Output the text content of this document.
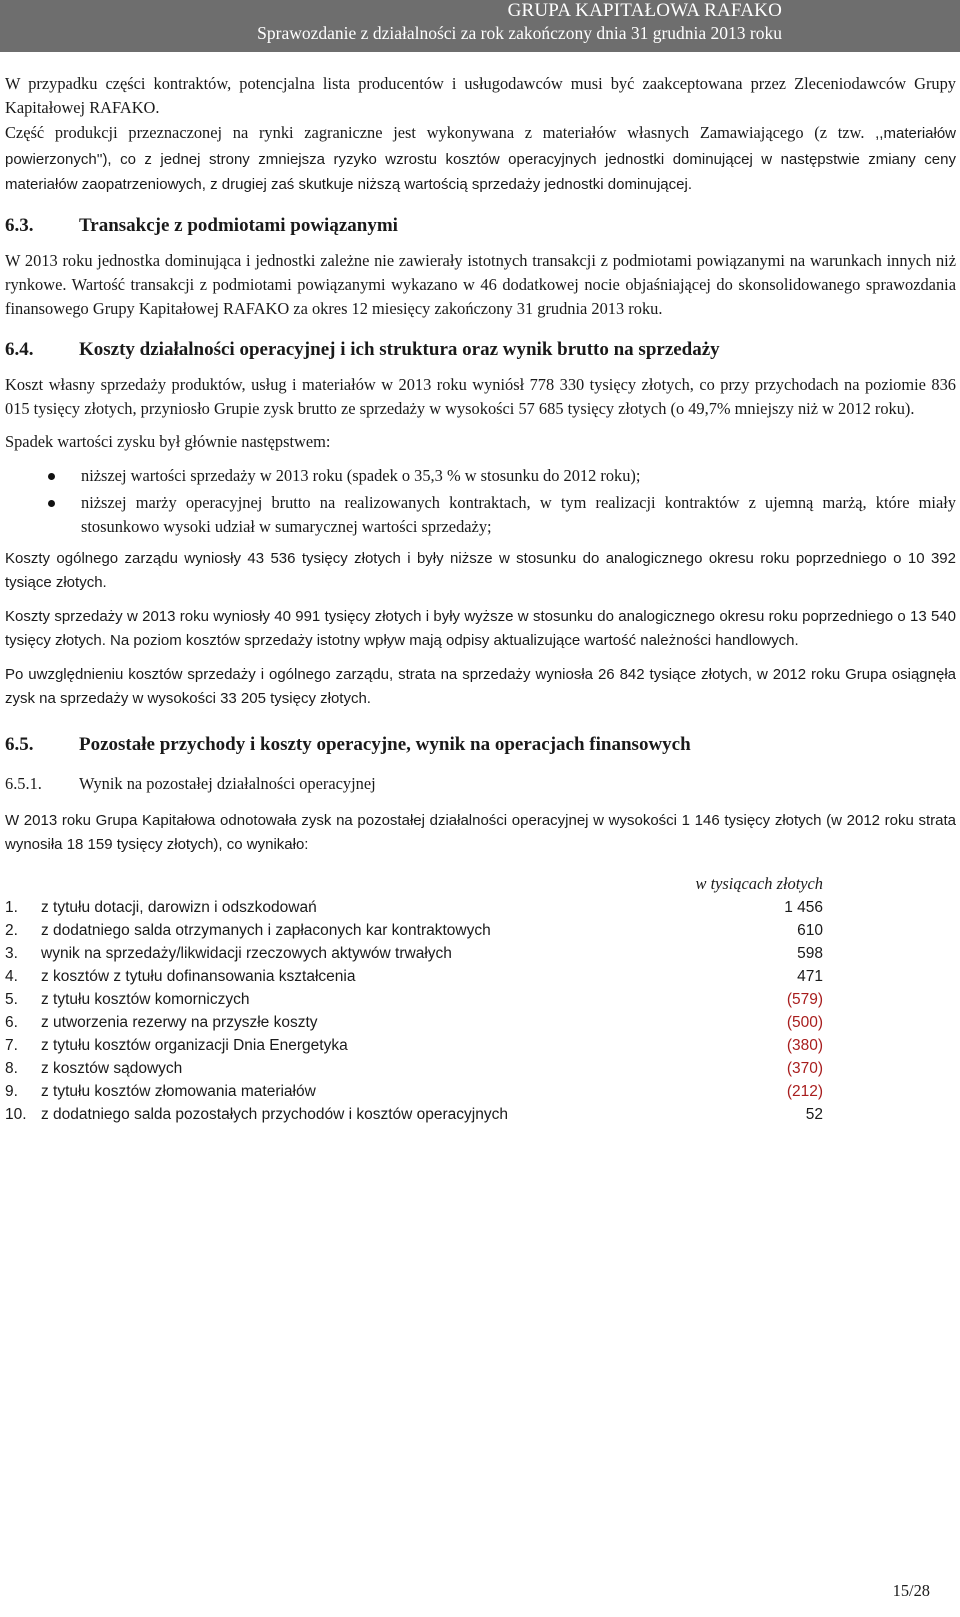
GRUPA KAPITAŁOWA RAFAKO
Sprawozdanie z działalności za rok zakończony dnia 31 grudnia 2013 roku

W przypadku części kontraktów, potencjalna lista producentów i usługodawców musi być zaakceptowana przez Zleceniodawców Grupy Kapitałowej RAFAKO.

Część produkcji przeznaczonej na rynki zagraniczne jest wykonywana z materiałów własnych Zamawiającego (z tzw. ,,materiałów powierzonych''), co z jednej strony zmniejsza ryzyko wzrostu kosztów operacyjnych jednostki dominującej w następstwie zmiany ceny materiałów zaopatrzeniowych, z drugiej zaś skutkuje niższą wartością sprzedaży jednostki dominującej.

6.3.	Transakcje z podmiotami powiązanymi

W 2013 roku jednostka dominująca i jednostki zależne nie zawierały istotnych transakcji z podmiotami powiązanymi na warunkach innych niż rynkowe. Wartość transakcji z podmiotami powiązanymi wykazano w 46 dodatkowej nocie objaśniającej do skonsolidowanego sprawozdania finansowego Grupy Kapitałowej RAFAKO za okres 12 miesięcy zakończony 31 grudnia 2013 roku.

6.4.	Koszty działalności operacyjnej i ich struktura oraz wynik brutto na sprzedaży

Koszt własny sprzedaży produktów, usług i materiałów w 2013 roku wyniósł 778 330 tysięcy złotych, co przy przychodach na poziomie 836 015 tysięcy złotych, przyniosło Grupie zysk brutto ze sprzedaży w wysokości 57 685 tysięcy złotych (o 49,7% mniejszy niż w 2012 roku).

Spadek wartości zysku był głównie następstwem:

niższej wartości sprzedaży w 2013 roku (spadek o 35,3 % w stosunku do 2012 roku);
niższej marży operacyjnej brutto na realizowanych kontraktach, w tym realizacji kontraktów z ujemną marżą, które miały stosunkowo wysoki udział w sumarycznej wartości sprzedaży;

Koszty ogólnego zarządu wyniosły 43 536 tysięcy złotych i były niższe w stosunku do analogicznego okresu roku poprzedniego o 10 392 tysiące złotych.

Koszty sprzedaży w 2013 roku wyniosły 40 991 tysięcy złotych i były wyższe w stosunku do analogicznego okresu roku poprzedniego o 13 540 tysięcy złotych. Na poziom kosztów sprzedaży istotny wpływ mają odpisy aktualizujące wartość należności handlowych.

Po uwzględnieniu kosztów sprzedaży i ogólnego zarządu, strata na sprzedaży wyniosła 26 842 tysiące złotych, w 2012 roku Grupa osiągnęła zysk na sprzedaży w wysokości 33 205 tysięcy złotych.

6.5.	Pozostałe przychody i koszty operacyjne, wynik na operacjach finansowych
6.5.1.	Wynik na pozostałej działalności operacyjnej

W 2013 roku Grupa Kapitałowa odnotowała zysk na pozostałej działalności operacyjnej w wysokości 1 146 tysięcy złotych (w 2012 roku strata wynosiła 18 159 tysięcy złotych), co wynikało:

w tysiącach złotych
1.	z tytułu dotacji, darowizn i odszkodowań	1 456
2.	z dodatniego salda otrzymanych i zapłaconych kar kontraktowych	610
3.	wynik na sprzedaży/likwidacji rzeczowych aktywów trwałych	598
4.	z kosztów z tytułu dofinansowania kształcenia	471
5.	z tytułu kosztów komorniczych	(579)
6.	z utworzenia rezerwy na przyszłe koszty	(500)
7.	z tytułu kosztów organizacji Dnia Energetyka	(380)
8.	z kosztów sądowych	(370)
9.	z tytułu kosztów złomowania materiałów	(212)
10.	z dodatniego salda pozostałych przychodów i kosztów operacyjnych	52
15/28
